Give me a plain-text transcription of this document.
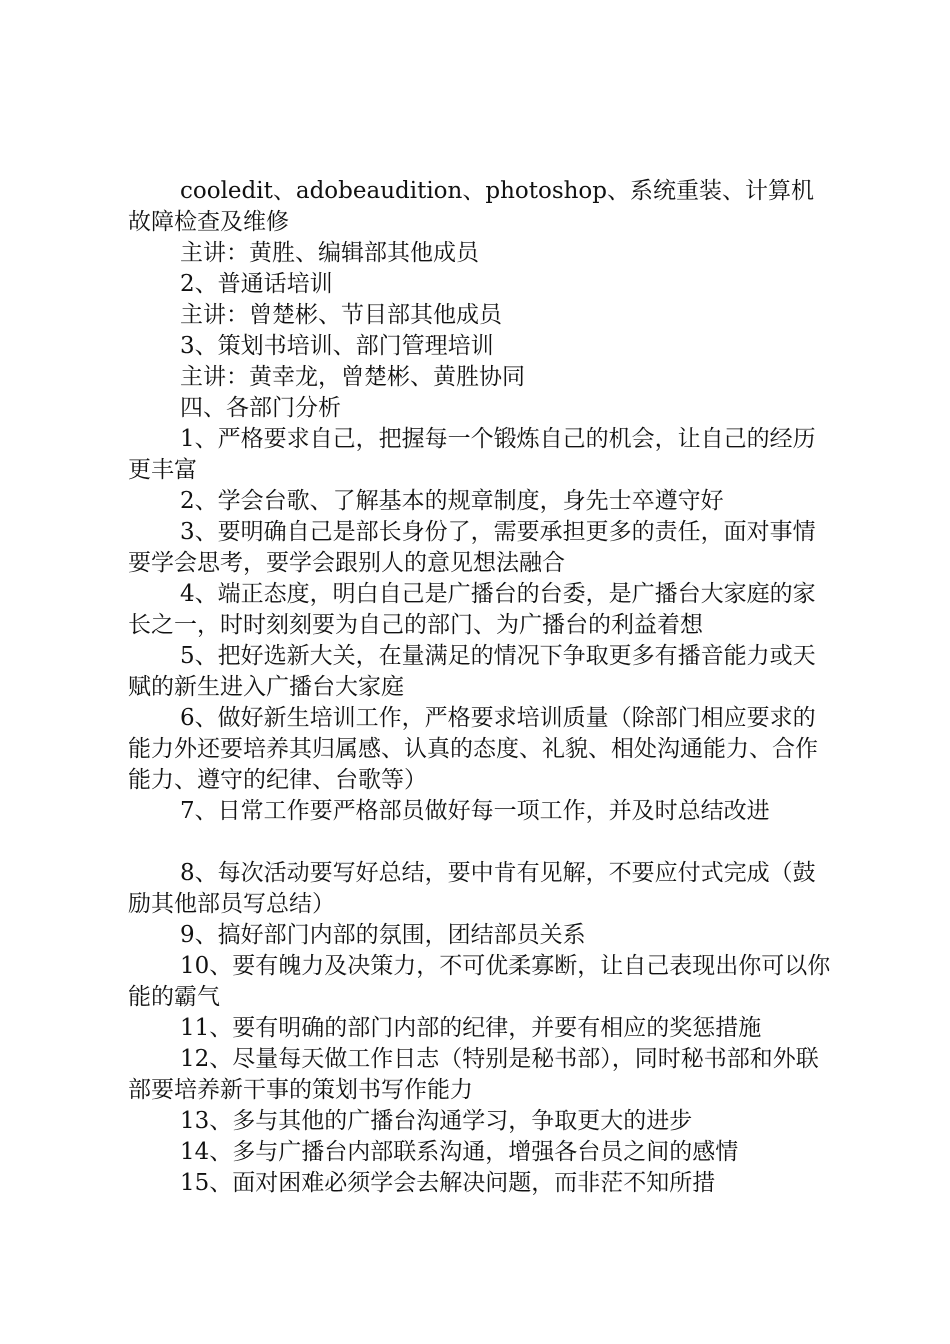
cooledit、adobeaudition、photoshop、系统重装、计算机故障检查及维修

主讲：黄胜、编辑部其他成员

2、普通话培训

主讲：曾楚彬、节目部其他成员

3、策划书培训、部门管理培训

主讲：黄幸龙，曾楚彬、黄胜协同

四、各部门分析

1、严格要求自己，把握每一个锻炼自己的机会，让自己的经历更丰富

2、学会台歌、了解基本的规章制度，身先士卒遵守好

3、要明确自己是部长身份了，需要承担更多的责任，面对事情要学会思考，要学会跟别人的意见想法融合

4、端正态度，明白自己是广播台的台委，是广播台大家庭的家长之一，时时刻刻要为自己的部门、为广播台的利益着想

5、把好选新大关，在量满足的情况下争取更多有播音能力或天赋的新生进入广播台大家庭

6、做好新生培训工作，严格要求培训质量（除部门相应要求的能力外还要培养其归属感、认真的态度、礼貌、相处沟通能力、合作能力、遵守的纪律、台歌等）

7、日常工作要严格部员做好每一项工作，并及时总结改进

8、每次活动要写好总结，要中肯有见解，不要应付式完成（鼓励其他部员写总结）

9、搞好部门内部的氛围，团结部员关系

10、要有魄力及决策力，不可优柔寡断，让自己表现出你可以你能的霸气

11、要有明确的部门内部的纪律，并要有相应的奖惩措施

12、尽量每天做工作日志（特别是秘书部），同时秘书部和外联部要培养新干事的策划书写作能力

13、多与其他的广播台沟通学习，争取更大的进步

14、多与广播台内部联系沟通，增强各台员之间的感情

15、面对困难必须学会去解决问题，而非茫不知所措
